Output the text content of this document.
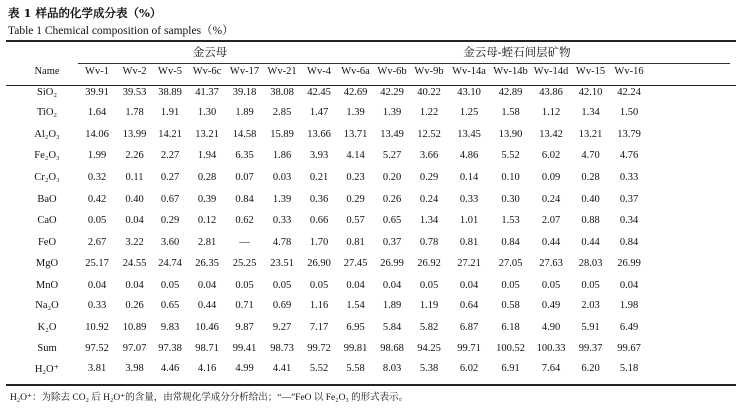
表 1 样品的化学成分表（%）
Table 1 Chemical composition of samples（%）
金云母	金云母-蛭石间层矿物
Name	Wv-1	Wv-2	Wv-5	Wv-6c Wv-17 Wv-21 Wv-4 Wv-6a Wv-6b Wv-9b Wv-14a Wv-14b Wv-14d Wv-15 Wv-16
SiO₂	39.91	39.53	38.89	41.37	39.18	38.08	42.45	42.69	42.29	40.22	43.10	42.89	43.86	42.10	42.24
TiO₂	1.64	1.78	1.91	1.30	1.89	2.85	1.47	1.39	1.39	1.22	1.25	1.58	1.12	1.34	1.50
Al₂O₃	14.06	13.99	14.21	13.21	14.58	15.89	13.66	13.71	13.49	12.52	13.45	13.90	13.42	13.21	13.79
Fe₂O₃	1.99	2.26	2.27	1.94	6.35	1.86	3.93	4.14	5.27	3.66	4.86	5.52	6.02	4.70	4.76
Cr₂O₃	0.32	0.11	0.27	0.28	0.07	0.03	0.21	0.23	0.20	0.29	0.14	0.10	0.09	0.28	0.33
BaO	0.42	0.40	0.67	0.39	0.84	1.39	0.36	0.29	0.26	0.24	0.33	0.30	0.24	0.40	0.37
CaO	0.05	0.04	0.29	0.12	0.62	0.33	0.66	0.57	0.65	1.34	1.01	1.53	2.07	0.88	0.34
FeO	2.67	3.22	3.60	2.81	—	4.78	1.70	0.81	0.37	0.78	0.81	0.84	0.44	0.44	0.84
MgO	25.17	24.55	24.74	26.35	25.25	23.51	26.90	27.45	26.99	26.92	27.21	27.05	27.63	28.03	26.99
MnO	0.04	0.04	0.05	0.04	0.05	0.05	0.05	0.04	0.04	0.05	0.04	0.05	0.05	0.05	0.04
Na₂O	0.33	0.26	0.65	0.44	0.71	0.69	1.16	1.54	1.89	1.19	0.64	0.58	0.49	2.03	1.98
K₂O	10.92	10.89	9.83	10.46	9.87	9.27	7.17	6.95	5.84	5.82	6.87	6.18	4.90	5.91	6.49
Sum	97.52	97.07	97.38	98.71	99.41	98.73	99.72	99.81	98.68	94.25	99.71	100.52	100.33	99.37	99.67
H₂O⁺	3.81	3.98	4.46	4.16	4.99	4.41	5.52	5.58	8.03	5.38	6.02	6.91	7.64	6.20	5.18
H₂O⁺：为除去 CO₂ 后 H₂O⁺的含量，由常规化学成分分析给出；“—”FeO 以 Fe₂O₃ 的形式表示。
